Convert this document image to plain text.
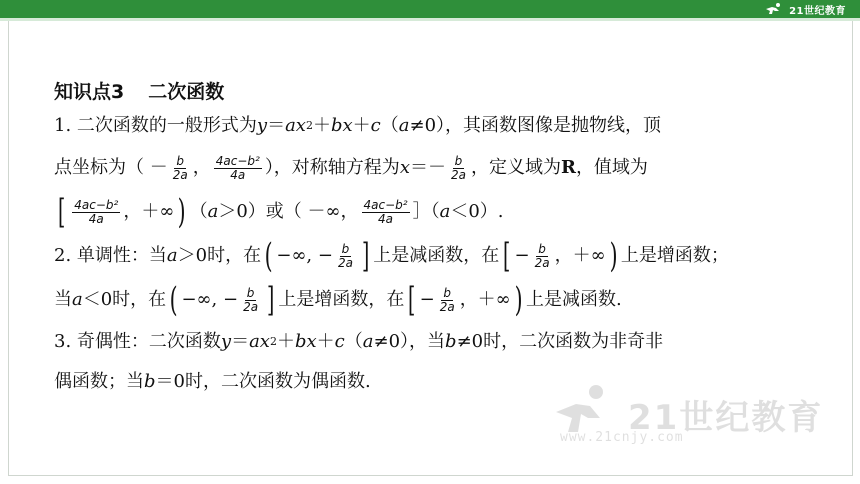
21世纪教育
知识点3 二次函数
1. 二次函数的一般形式为 y ＝ ax 2 ＋ bx ＋ c （ a ≠0），其函数图像是抛物线，顶
点坐标为 （ － $\frac{b}{2a}$ ， $\frac{\text{4ac−b²}}{4a}$ ），对称轴方程为 $x =- \frac{b}{2a}$ ，定义域为 R ，值域为
[ $\frac{\text{4ac−b²}}{4a}$ ，＋∞ ) （ a ＞0）或（ －∞， $\frac{\text{4ac−b²}}{4a}$ ］（ a ＜0）.
2. 单调性：当 a ＞0时，在 ( −∞, − $\frac{b}{2a}$ ] 上是减函数，在 [ − $\frac{b}{2a}$ ，＋∞ ) 上是增函数；
当 a ＜0时，在 ( −∞, − $\frac{b}{2a}$ ] 上是增函数，在 [ − $\frac{b}{2a}$ ，＋∞ ) 上是减函数.
3. 奇偶性：二次函数 y ＝ ax 2 ＋ bx ＋ c （ a ≠0），当 b ≠0时，二次函数为非奇非
偶函数；当 b ＝0时，二次函数为偶函数.
21世纪教育
www.21cnjy.com
